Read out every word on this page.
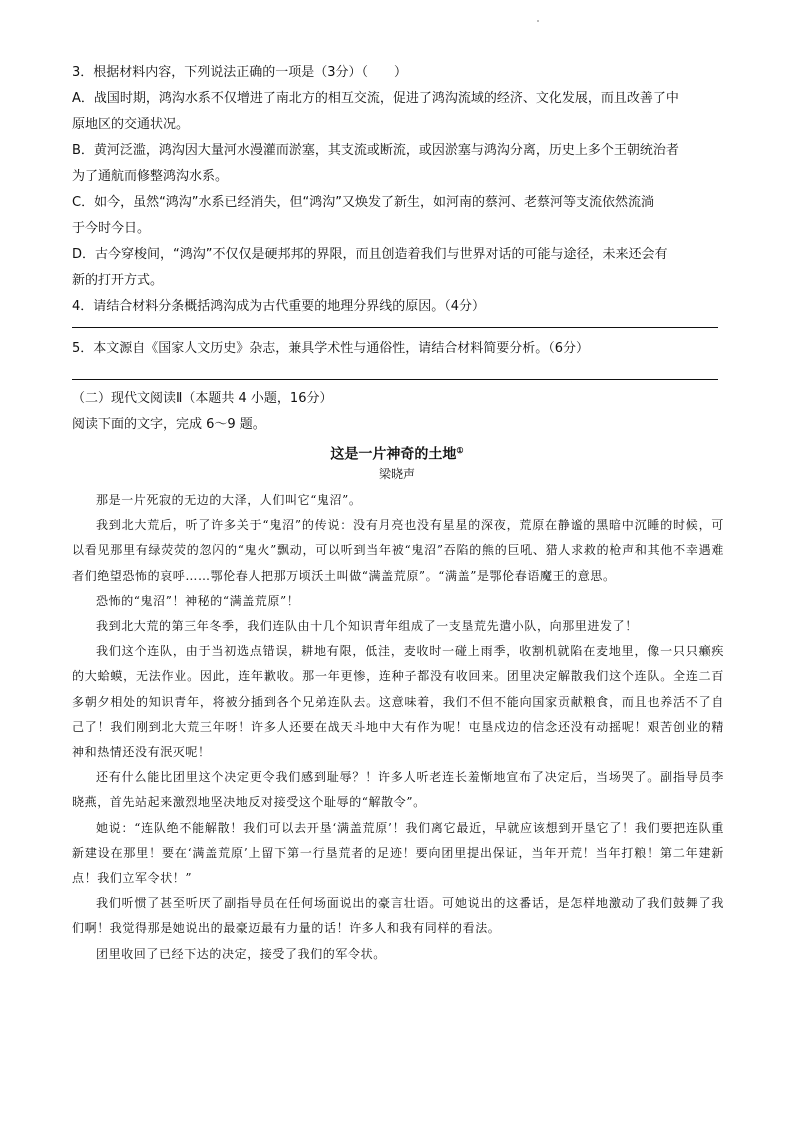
3．根据材料内容，下列说法正确的一项是（3分）（　　）

A．战国时期，鸿沟水系不仅增进了南北方的相互交流，促进了鸿沟流域的经济、文化发展，而且改善了中

原地区的交通状况。

B．黄河泛滥，鸿沟因大量河水漫灌而淤塞，其支流或断流，或因淤塞与鸿沟分离，历史上多个王朝统治者

为了通航而修整鸿沟水系。

C．如今，虽然“鸿沟”水系已经消失，但“鸿沟”又焕发了新生，如河南的蔡河、老蔡河等支流依然流淌

于今时今日。

D．古今穿梭间，“鸿沟”不仅仅是硬邦邦的界限，而且创造着我们与世界对话的可能与途径，未来还会有

新的打开方式。

4．请结合材料分条概括鸿沟成为古代重要的地理分界线的原因。（4分）

5．本文源自《国家人文历史》杂志，兼具学术性与通俗性，请结合材料简要分析。（6分）

（二）现代文阅读Ⅱ（本题共 4 小题，16分）

阅读下面的文字，完成 6～9 题。

这是一片神奇的土地①
梁晓声

那是一片死寂的无边的大泽，人们叫它“鬼沼”。

我到北大荒后，听了许多关于“鬼沼”的传说：没有月亮也没有星星的深夜，荒原在静谧的黑暗中沉睡的时候，可以看见那里有绿荧荧的忽闪的“鬼火”飘动，可以听到当年被“鬼沼”吞陷的熊的巨吼、猎人求救的枪声和其他不幸遇难者们绝望恐怖的哀呼……鄂伦春人把那万顷沃土叫做“满盖荒原”。“满盖”是鄂伦春语魔王的意思。

恐怖的“鬼沼”！神秘的“满盖荒原”！

我到北大荒的第三年冬季，我们连队由十几个知识青年组成了一支垦荒先遣小队，向那里进发了！

我们这个连队，由于当初选点错误，耕地有限，低洼，麦收时一碰上雨季，收割机就陷在麦地里，像一只只癞疾的大蛤蟆，无法作业。因此，连年歉收。那一年更惨，连种子都没有收回来。团里决定解散我们这个连队。全连二百多朝夕相处的知识青年，将被分插到各个兄弟连队去。这意味着，我们不但不能向国家贡献粮食，而且也养活不了自己了！我们刚到北大荒三年呀！许多人还要在战天斗地中大有作为呢！屯垦戍边的信念还没有动摇呢！艰苦创业的精神和热情还没有泯灭呢！

还有什么能比团里这个决定更令我们感到耻辱？！许多人听老连长羞惭地宣布了决定后，当场哭了。副指导员李晓燕，首先站起来激烈地坚决地反对接受这个耻辱的“解散令”。

她说：“连队绝不能解散！我们可以去开垦‘满盖荒原’！我们离它最近，早就应该想到开垦它了！我们要把连队重新建设在那里！要在‘满盖荒原’上留下第一行垦荒者的足迹！要向团里提出保证，当年开荒！当年打粮！第二年建新点！我们立军令状！”

我们听惯了甚至听厌了副指导员在任何场面说出的豪言壮语。可她说出的这番话，是怎样地激动了我们鼓舞了我们啊！我觉得那是她说出的最豪迈最有力量的话！许多人和我有同样的看法。

团里收回了已经下达的决定，接受了我们的军令状。
